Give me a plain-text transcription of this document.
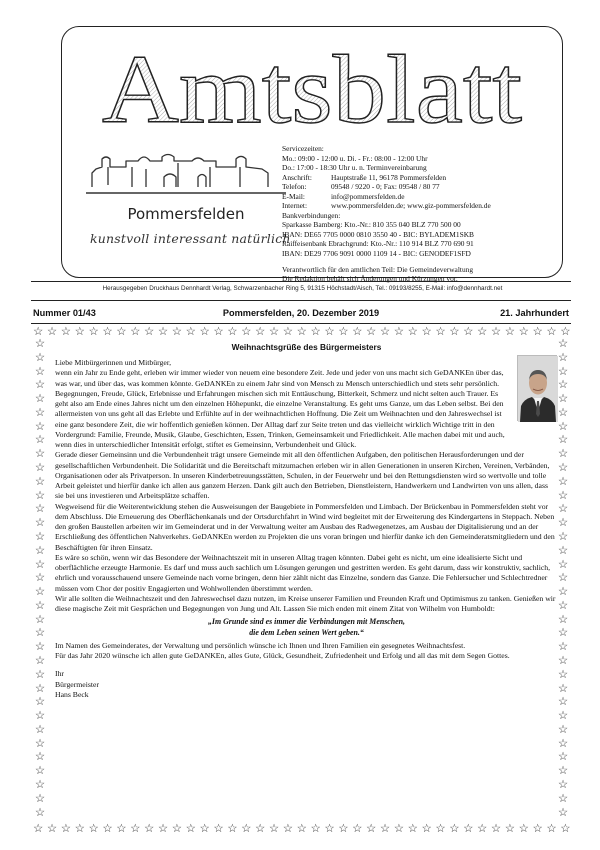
Amtsblatt
Pommersfelden
kunstvoll interessant natürlich
Servicezeiten:
Mo.: 09:00 - 12:00 u. Di. - Fr.: 08:00 - 12:00 Uhr
Do.: 17:00 - 18:30 Uhr u. n. Terminvereinbarung
Anschrift:	Hauptstraße 11, 96178 Pommersfelden
Telefon:	09548 / 9220 - 0; Fax: 09548 / 80 77
E-Mail:	info@pommersfelden.de
Internet:	www.pommersfelden.de; www.giz-pommersfelden.de
Bankverbindungen:
Sparkasse Bamberg: Kto.-Nr.: 810 355 040 BLZ 770 500 00
IBAN: DE65 7705 0000 0810 3550 40 - BIC: BYLADEM1SKB
Raiffeisenbank Ebrachgrund: Kto.-Nr.: 110 914 BLZ 770 690 91
IBAN: DE29 7706 9091 0000 1109 14 - BIC: GENODEF1SFD
Verantwortlich für den amtlichen Teil: Die Gemeindeverwaltung
Die Redaktion behält sich Änderungen und Kürzungen vor.
Herausgegeben Druckhaus Dennhardt Verlag, Schwarzenbacher Ring 5, 91315 Höchstadt/Aisch, Tel.: 09193/8255, E-Mail: info@dennhardt.net
Nummer 01/43	Pommersfelden, 20. Dezember 2019	21. Jahrhundert
☆ ☆ ☆ ☆ ☆ ☆ ☆ ☆ ☆ ☆ ☆ ☆ ☆ ☆ ☆ ☆ ☆ ☆ ☆ ☆ ☆ ☆ ☆ ☆ ☆ ☆ ☆ ☆ ☆ ☆ ☆ ☆ ☆ ☆ ☆ ☆ ☆ ☆ ☆
☆ ☆ ☆ ☆ ☆ ☆ ☆ ☆ ☆ ☆ ☆ ☆ ☆ ☆ ☆ ☆ ☆ ☆ ☆ ☆ ☆ ☆ ☆ ☆ ☆ ☆ ☆ ☆ ☆ ☆ ☆ ☆ ☆ ☆ ☆ ☆ ☆ ☆ ☆
☆
☆
☆
☆
☆
☆
☆
☆
☆
☆
☆
☆
☆
☆
☆
☆
☆
☆
☆
☆
☆
☆
☆
☆
☆
☆
☆
☆
☆
☆
☆
☆
☆
☆
☆
☆
☆
☆
☆
☆
☆
☆
☆
☆
☆
☆
☆
☆
☆
☆
☆
☆
☆
☆
☆
☆
☆
☆
☆
☆
☆
☆
☆
☆
☆
☆
☆
☆
☆
☆
Weihnachtsgrüße des Bürgermeisters

Liebe Mitbürgerinnen und Mitbürger,

wenn ein Jahr zu Ende geht, erleben wir immer wieder von neuem eine besondere Zeit. Jede und jeder von uns macht sich GeDANKEn über das, was war, und über das, was kommen könnte. GeDANKEn zu einem Jahr sind von Mensch zu Mensch unterschiedlich und stets sehr persönlich. Begegnungen, Freude, Glück, Erlebnisse und Erfahrungen mischen sich mit Enttäuschung, Bitterkeit, Schmerz und nicht selten auch Trauer. Es geht also am Ende eines Jahres nicht um den einzelnen Höhepunkt, die einzelne Veranstaltung. Es geht ums Ganze, um das Leben selbst. Bei den allermeisten von uns geht all das Erlebte und Erfühlte auf in der weihnachtlichen Hoffnung. Die Zeit um Weihnachten und den Jahreswechsel ist eine ganz besondere Zeit, die wir hoffentlich genießen können. Der Alltag darf zur Seite treten und das vielleicht wirklich Wichtige tritt in den Vordergrund: Familie, Freunde, Musik, Glaube, Geschichten, Essen, Trinken, Gemeinsamkeit und Friedlichkeit. Alle machen dabei mit und auch, wenn dies in unterschiedlicher Intensität erfolgt, stiftet es Gemeinsinn, Verbundenheit und Glück.

Gerade dieser Gemeinsinn und die Verbundenheit trägt unsere Gemeinde mit all den öffentlichen Aufgaben, den politischen Herausforderungen und der gesellschaftlichen Verbundenheit. Die Solidarität und die Bereitschaft mitzumachen erleben wir in allen Generationen in unseren Kirchen, Vereinen, Verbänden, Organisationen oder als Privatperson. In unseren Kinderbetreuungsstätten, Schulen, in der Feuerwehr und bei den Rettungsdiensten wird so wertvolle und tolle Arbeit geleistet und hierfür danke ich allen aus ganzem Herzen. Dank gilt auch den Betrieben, Dienstleistern, Handwerkern und Landwirten von uns allen, dass sie bei uns investieren und Arbeitsplätze schaffen.

Wegweisend für die Weiterentwicklung stehen die Ausweisungen der Baugebiete in Pommersfelden und Limbach. Der Brückenbau in Pommersfelden steht vor dem Abschluss. Die Erneuerung des Oberflächenkanals und der Ortsdurchfahrt in Wind wird begleitet mit der Erweiterung des Kindergartens in Steppach. Neben den großen Baustellen arbeiten wir im Gemeinderat und in der Verwaltung weiter am Ausbau des Radwegenetzes, am Ausbau der Digitalisierung und an der Erschließung des öffentlichen Nahverkehrs. GeDANKEn werden zu Projekten die uns voran bringen und hierfür danke ich den Gemeinderatsmitgliedern und den Beschäftigten für ihren Einsatz.

Es wäre so schön, wenn wir das Besondere der Weihnachtszeit mit in unseren Alltag tragen könnten. Dabei geht es nicht, um eine idealisierte Sicht und oberflächliche erzeugte Harmonie. Es darf und muss auch sachlich um Lösungen gerungen und gestritten werden. Es geht darum, dass wir konstruktiv, sachlich, ehrlich und vorausschauend unsere Gemeinde nach vorne bringen, denn hier zählt nicht das Einzelne, sondern das Ganze. Die Fehlersucher und Schlechtredner müssen vom Chor der positiv Engagierten und Wohlwollenden überstimmt werden.

Wir alle sollten die Weihnachtszeit und den Jahreswechsel dazu nutzen, im Kreise unserer Familien und Freunden Kraft und Optimismus zu tanken. Genießen wir diese magische Zeit mit Gesprächen und Begegnungen von Jung und Alt. Lassen Sie mich enden mit einem Zitat von Wilhelm von Humboldt:

„Im Grunde sind es immer die Verbindungen mit Menschen,
die dem Leben seinen Wert geben.“

Im Namen des Gemeinderates, der Verwaltung und persönlich wünsche ich Ihnen und Ihren Familien ein gesegnetes Weihnachtsfest.

Für das Jahr 2020 wünsche ich allen gute GeDANKEn, alles Gute, Glück, Gesundheit, Zufriedenheit und Erfolg und all das mit dem Segen Gottes.

Ihr
Bürgermeister
Hans Beck
